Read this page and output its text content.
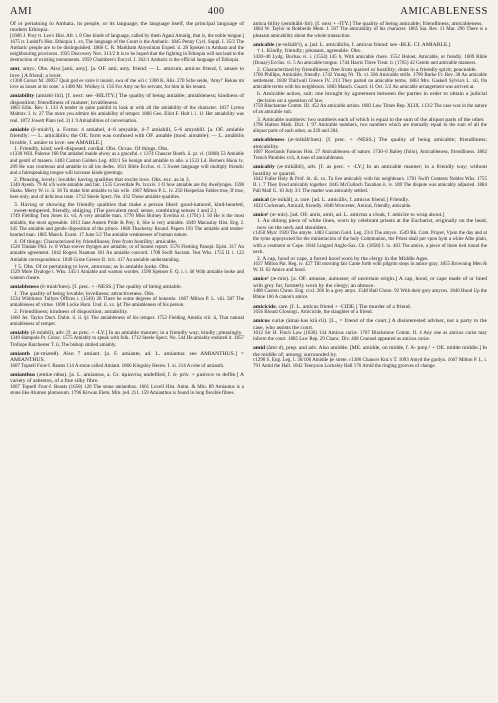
AMI	400	AMICABLENESS

Of or pertaining to Amhara, its people, or its language; the language itself, the principal language of modern Ethiopia.

[1600 J. Pory tr. Leo's Hist. Afr. i. 8 One kinde of language, called by them Agaui Amarig, that is, the noble tongue.] 1675 tr. Ludolf's Hist. Ethiopia 1. xv, The language of the Court is the Amharic. 1845 Penny Cycl. Suppl. I. 35/2 The Amharic people are to be distinguished. 1868 C. R. Markham Abyssinian Exped. ii. 28 Spoken in Amhara and the neighbouring provinces. 1935 Discovery Nov. 313/2 It is to be hoped that the fighting in Ethiopia will not lead to the destruction of existing monuments. 1959 Chambers's Encycl. I. 362/1 Amharic is the official language of Ethiopia.

amt, amyc, Obs. Also [ami, amy]. [a. OF. ami, amy, friend: — L. amicum, amicus friend, f. amare to love.] A friend; a lover.

c1300 Cursor M. 20057 Quat god es vaire it inuisir, swa of me wil c 1300 K. Alis. 270 Sche seide, 'Amy!' Rekne mi love as lasset at mi sone.' a 1400 Mr. Wolkey ii. 156 For Amy ne for servant, for him in his tenant.

amiability (amiəbi·liti). [f. next: see -BILITY.] The quality of being amiable; amiableness; kindness of disposition; friendliness of manner; lovableness.

1803 Edin. Rev. I. 133 A tender in quite painful to look at with all the amiability of the character. 1837 Lytton Maltrav. I. iv. 27 The more you admire his amiability of temper. 1866 Geo. Eliot F. Holt i. i. 11 Her amiability was real. 1872 Jowett Plato (ed. 2) I. 9 Amiabilities of conversation.

amiable (ē·miəb'l), a. Forms: 4 amiabel, 4–6 amyable, 4–7 amiabill, 5–6 amyabill. [a. OF. amiable friendly: — L. amicābilis; the OE. form was confused with OF. amable (mod. aimable): — L. amābilis lovable, f. amāre to love: see AMABLE.]

1. Friendly, kind; well-disposed; cordial. Obs. Occas. Of things. Obs.

c1330 Will. Palerne 168 Pat amiabel maide alwey as a graceful. c 1374 Chaucer Boeth. ii. pr. vi. (1868) 53 Amiable and gentil of maners. 1483 Caxton Golden Leg. 402/1 So benign and amiable to alle. a 1533 Ld. Berners Huon lx. 209 He was courteous and amiable in all his dedes. 1611 Bible Ecclus. vi. 5 Sweet language will multiply friends: and a fairespeaking tongue will increase kinde greetings.

2. Pleasing, lovely; lovable; having qualities that excite love. Obs. exc. as in 3.

1340 Ayenb. 79 Al ich wole amiable and fair. 1535 Coverdale Ps. lxxxiv. 1 O how amiable are thy dwellynges. 1598 Shaks. Merry W. iv. ii. 18 To make him amiable to his wife. 1667 Milton P. L. iv. 250 Hesperian Fables true, If true, here only, and of delicious taste. 1712 Steele Spect. No. 432 Those amiable qualities.

3. Having or showing the friendly qualities that make a person liked: good-natured, kind-hearted, sweet-tempered, friendly, obliging. (The prevalent mod. sense, combining senses 1 and 2.)

1749 Fielding Tom Jones iii. vii, A very amiable man. 1778 Miss Burney Evelina xi. (1791) I. 50 He is the most amiable, the most agreeable. 1813 Jane Austen Pride & Prej. ii, She is very amiable. 1849 Macaulay Hist. Eng. I. 345 The amiable and gentle disposition of the prince. 1860 Thackeray Round. Papers 193 The amiable and tender-hearted man. 1885 Manch. Exam. 17 June 5/2 The amiable weaknesses of human nature.

4. Of things: Characterized by friendliness; free from hostility; amicable.

1526 Tindale Phil. iv. 8 What soever thynges are amiable, or of honest report. 1576 Fleming Panopl. Epist. 317 An amiable agreement. 1642 Rogers Naaman 301 An amiable concord. 1708 Swift Sacram. Test Wks. 1755 II. i. 122 Amiable correspondence. 1849 Grote Greece II. lxiv. 417 An amiable understanding.

† 5. Obs. Of or pertaining to love, amorous; as in amiable looks. Obs.

1529 More Dyaloge i. Wks. 145/1 Amiable and wanton wordes. 1590 Spenser F. Q. i. i. 46 With amiable looke and wanton cheare.

amiableness (ē·miəb'lnes). [f. prec. + -NESS.] The quality of being amiable.

1. The quality of being lovable; loveliness; attractiveness. Obs.

1534 Whitinton Tullyes Offices i. (1540) 28 There be some degrees of honestie. 1667 Milton P. L. viii. 587 The amiableness of virtue. 1690 Locke Hum. Und. ii. xx. §4 The amiableness of his person.

2. Friendliness; kindness of disposition; amiability.

1660 Jer. Taylor Duct. Dubit. ii. ii. §1 The amiableness of his temper. 1752 Fielding Amelia viii. ii, That natural amiableness of temper.

amiably (ē·miəbli), adv. [f. as prec. + -LY.] In an amiable manner; in a friendly way; kindly; pleasingly.

1340 Hampole Pr. Consc. 1575 Amiably to speak with folk. 1712 Steele Spect. No. 544 He amiably endured it. 1857 Trollope Barchester T. ii, The bishop smiled amiably.

amianth (æ·miænθ). Also 7 amiant. [a. F. amiante, ad. L. amiantus: see AMIANTHUS.] = AMIANTHUS.

1607 Topsell Four-f. Beasts 114 A stone called Amiant. 1866 Kingsley Herew. I. xi. 214 A robe of amianth.

amianthus (æmiæ·nθəs). [a. L. amiantus, a. Gr. ἀμίαντος undefiled, f. ἀ- priv. + μιαίνειν to defile.] A variety of asbestos, of a fine silky fibre.

1607 Topsell Four-f. Beasts (1658) 120 The stone amianthus. 1661 Lovell Hist. Anim. & Min. 89 Amiantus is a stone like Alumen plumosum. 1796 Kirwan Elem. Min. (ed. 2) I. 159 Amianthus is found in long flexible fibres.

amica·bility (æmikăbi·liti). [f. next + -ITY.] The quality of being amicable; friendliness; amicableness.

1804 W. Taylor in Robberds Mem. I. 507 The amicability of his character. 1865 Sat. Rev. 11 Mar. 296 There is a pleasant amicability about the whole transaction.

amicable (æ·mikăb'l), a. [ad. L. amicābilis, f. amicus friend: see -BLE. Cf. AMIABLE.]

† 1. Kindly, friendly; pleasant, agreeable. Obs.

1430–40 Lydg. Bochas vi. i. (1554) 145 b, With amicable chere. 1552 Huloet, Amicable, or frendly. 1609 Bible (Douay) Ecclus. vi. 5 An amicable tongue. 1744 Harris Three Treat. ii. (1765) 42 Gentle and amicable manners.

2. Characterized by friendliness; free from quarrel or hostility; done in a friendly spirit; peaceable.

1706 Phillips, Amicable, friendly. 1742 Young Nt. Th. vi. 566 Amicable strife. 1790 Burke Fr. Rev. 38 An amicable settlement. 1838 Thirlwall Greece IV. 213 They parted on amicable terms. 1863 Mrs. Gaskell Sylvia's L. xii, On amicable terms with his neighbours. 1883 Manch. Guard. 11 Oct. 5/2 An amicable arrangement was arrived at.

b. Amicable action, suit: one brought by agreement between the parties in order to obtain a judicial decision on a question of law.

1759 Blackstone Comm. III. 452 An amicable action. 1883 Law Times Rep. XLIX. 113/2 The case was in the nature of an amicable suit.

3. Amicable numbers: two numbers each of which is equal to the sum of the aliquot parts of the other.

1796 Hutton Math. Dict. I. 97 Amicable numbers, two numbers which are mutually equal to the sum of all the aliquot parts of each other, as 220 and 284.

amicableness (æ·mikăb'lnes). [f. prec. + -NESS.] The quality of being amicable; friendliness; amicability.

1607 Rowlands Famous Hist. 27 Amicableness of nature. 1730–6 Bailey (folio), Amicableness, friendliness. 1862 Trench Parables xvii, A tone of amicableness.

amicably (æ·mikăbli), adv. [f. as prec. + -LY.] In an amicable manner; in a friendly way; without hostility or quarrel.

1642 Fuller Holy & Prof. St. iii. xx, To live amicably with his neighbours. 1701 Swift Contests Nobles Wks. 1755 II. i. 7 They lived amicably together. 1845 McCulloch Taxation ii. iv. 189 The dispute was amicably adjusted. 1884 Pall Mall G. 10 July 3/1 The matter was amicably settled.

amical (æ·mikăl), a. rare. [ad. L. amicālis, f. amicus friend.] Friendly.

1623 Cockeram, Amicall, friendly. 1846 Worcester, Amical, friendly, amicable.

amice¹ (æ·mis). [ad. OF. amis, amit, ad. L. amictus a cloak, f. amicīre to wrap about.]

1. An oblong piece of white linen, worn by celebrant priests at the Eucharist, originally on the head, now on the neck and shoulders.

c1450 Myrc 1920 The amyte. 1483 Caxton Gold. Leg. 23/4 The amyce. 1549 Bk. Com. Prayer, Vpon the day and at the tyme appoyncted for the ministracion of the holy Communion, the Priest shall put vpon hym a white Albe plain, with a vestment or Cope. 1844 Lingard Anglo-Sax. Ch. (1858) I. ix. 403 The amice, a piece of linen tied round the neck.

2. A cap, hood or cape, a furred hood worn by the clergy in the Middle Ages.

1637 Milton Par. Reg. iv. 427 Till morning fair Came forth with pilgrim steps in amice gray. 1855 Browning Men & W. II. 62 Amice and hood.

amice² (æ·mis). [a. OF. amusse, aumusse; of uncertain origin.] A cap, hood, or cape made of or lined with grey fur, formerly worn by the clergy; an almuce.

1480 Caxton Chron. Eng. ccxl. 266 In a grey amys. 1548 Hall Chron. 92 With their grey amyces. 1840 Hood Up the Rhine 166 A canon's amice.

amicicide, rare. [f. L. amīcus friend + -CIDE.] The murder of a friend.

1656 Blount Glossogr., Amicicide, the slaughter of a friend.

amicus curiæ (ămai·kəs kiū·rii). [L., = friend of the court.] A disinterested adviser, not a party to the case, who assists the court.

1612 Sir H. Finch Law (1636) 134 Amicus curiæ. 1767 Blackstone Comm. II. 4 Any one as amicus curiæ may inform the court. 1885 Law Rep. 29 Chanc. Div. 468 Counsel appeared as amicus curiæ.

amid (ămi·d), prep. and adv. Also amidde. [ME. amidde, on midde, f. A- prep.¹ + OE. midde middle.] In the middle of; among; surrounded by.

c1290 S. Eng. Leg. I. 36/106 Amidde þe strete. c1386 Chaucer Knt.'s T. 1093 Amyd the gardyn. 1667 Milton P. L. i. 791 Amid the Hall. 1842 Tennyson Locksley Hall 176 Amid the ringing grooves of change.
